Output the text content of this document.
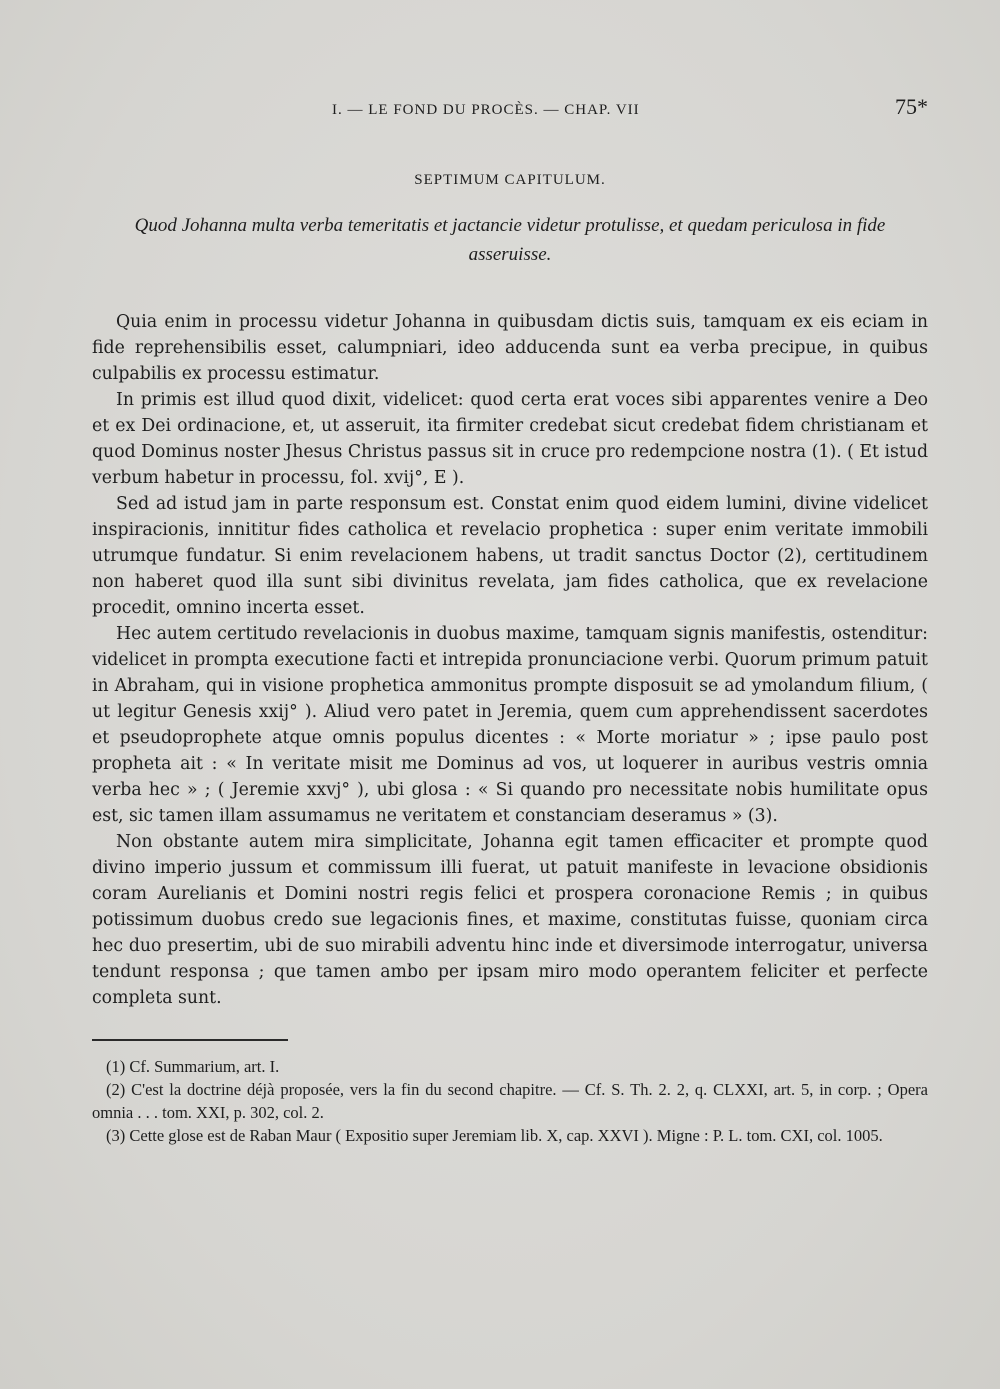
I. — LE FOND DU PROCÈS. — CHAP. VII	75*
SEPTIMUM CAPITULUM.
Quod Johanna multa verba temeritatis et jactancie videtur protulisse, et quedam periculosa in fide asseruisse.

Quia enim in processu videtur Johanna in quibusdam dictis suis, tamquam ex eis eciam in fide reprehensibilis esset, calumpniari, ideo adducenda sunt ea verba precipue, in quibus culpabilis ex processu estimatur.

In primis est illud quod dixit, videlicet: quod certa erat voces sibi apparentes venire a Deo et ex Dei ordinacione, et, ut asseruit, ita firmiter credebat sicut credebat fidem christianam et quod Dominus noster Jhesus Christus passus sit in cruce pro redempcione nostra (1). ( Et istud verbum habetur in processu, fol. xvij°, E ).

Sed ad istud jam in parte responsum est. Constat enim quod eidem lumini, divine videlicet inspiracionis, innititur fides catholica et revelacio prophetica : super enim veritate immobili utrumque fundatur. Si enim revelacionem habens, ut tradit sanctus Doctor (2), certitudinem non haberet quod illa sunt sibi divinitus revelata, jam fides catholica, que ex revelacione procedit, omnino incerta esset.

Hec autem certitudo revelacionis in duobus maxime, tamquam signis manifestis, ostenditur: videlicet in prompta executione facti et intrepida pronunciacione verbi. Quorum primum patuit in Abraham, qui in visione prophetica ammonitus prompte disposuit se ad ymolandum filium, ( ut legitur Genesis xxij° ). Aliud vero patet in Jeremia, quem cum apprehendissent sacerdotes et pseudoprophete atque omnis populus dicentes : « Morte moriatur » ; ipse paulo post propheta ait : « In veritate misit me Dominus ad vos, ut loquerer in auribus vestris omnia verba hec » ; ( Jeremie xxvj° ), ubi glosa : « Si quando pro necessitate nobis humilitate opus est, sic tamen illam assumamus ne veritatem et constanciam deseramus » (3).

Non obstante autem mira simplicitate, Johanna egit tamen efficaciter et prompte quod divino imperio jussum et commissum illi fuerat, ut patuit manifeste in levacione obsidionis coram Aurelianis et Domini nostri regis felici et prospera coronacione Remis ; in quibus potissimum duobus credo sue legacionis fines, et maxime, constitutas fuisse, quoniam circa hec duo presertim, ubi de suo mirabili adventu hinc inde et diversimode interrogatur, universa tendunt responsa ; que tamen ambo per ipsam miro modo operantem feliciter et perfecte completa sunt.

(1) Cf. Summarium, art. I.

(2) C'est la doctrine déjà proposée, vers la fin du second chapitre. — Cf. S. Th. 2. 2, q. CLXXI, art. 5, in corp. ; Opera omnia . . . tom. XXI, p. 302, col. 2.

(3) Cette glose est de Raban Maur ( Expositio super Jeremiam lib. X, cap. XXVI ). Migne : P. L. tom. CXI, col. 1005.
